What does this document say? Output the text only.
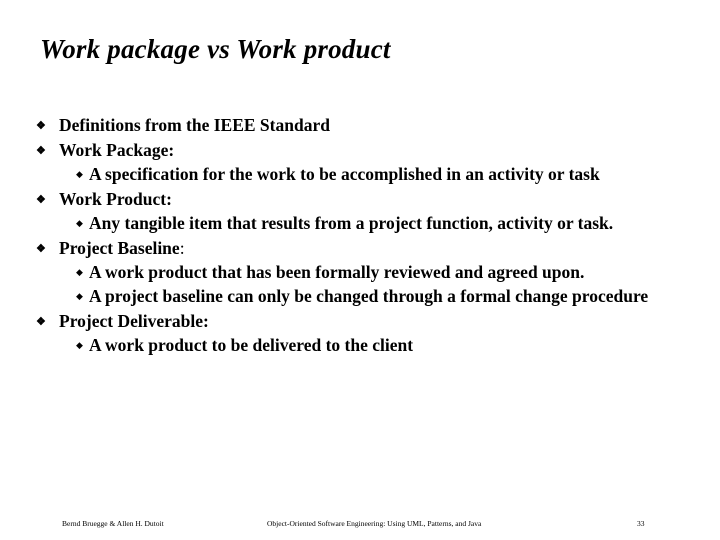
Work package vs Work product
❖ Definitions from the IEEE Standard
❖ Work Package:
◆ A specification for the work to be accomplished in an activity or task
❖ Work Product:
◆ Any tangible item that results from a project function, activity or task.
❖ Project Baseline:
◆ A work product that has been formally reviewed and agreed upon.
◆ A project baseline can only be changed through a formal change procedure
❖ Project Deliverable:
◆ A work product to be delivered to the client
Bernd Bruegge & Allen H. Dutoit	Object-Oriented Software Engineering: Using UML, Patterns, and Java	33
